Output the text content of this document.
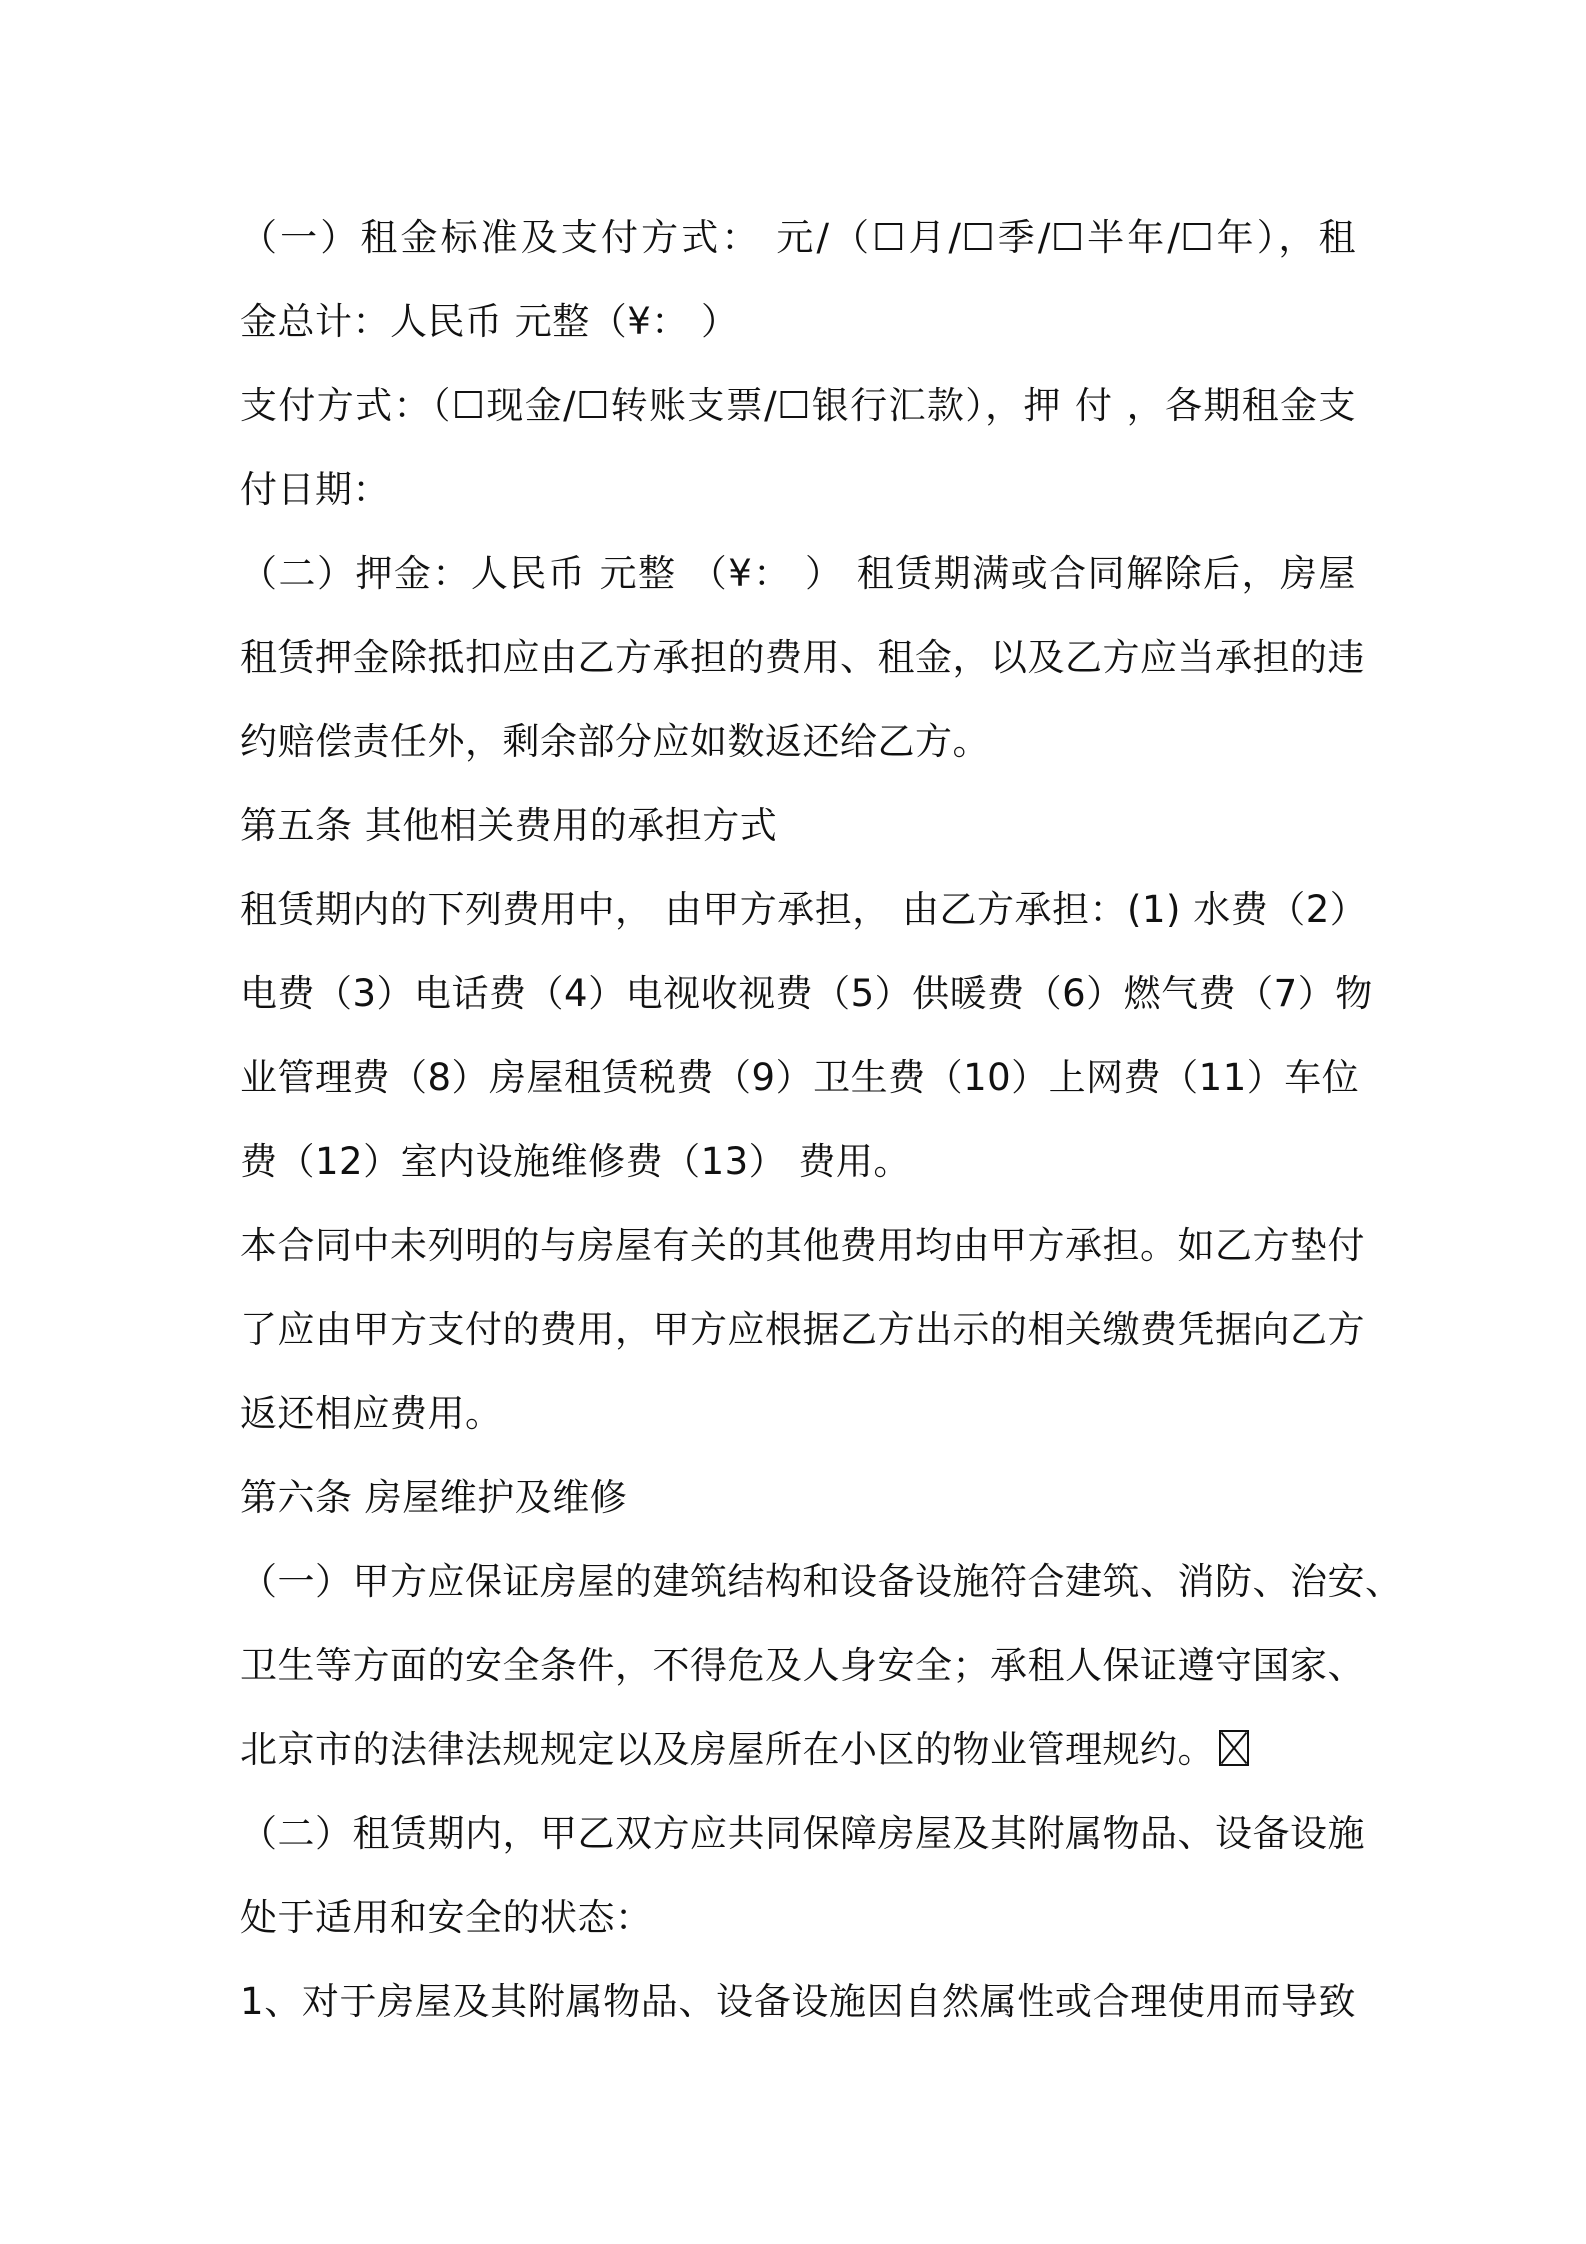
（一）租金标准及支付方式： 元/（☐月/☐季/☐半年/☐年），租
金总计：人民币 元整（¥： ）
支付方式：（☐现金/☐转账支票/☐银行汇款），押 付 ，各期租金支
付日期：
（二）押金：人民币 元整 （¥： ） 租赁期满或合同解除后，房屋
租赁押金除抵扣应由乙方承担的费用、租金，以及乙方应当承担的违
约赔偿责任外，剩余部分应如数返还给乙方。
第五条 其他相关费用的承担方式
租赁期内的下列费用中， 由甲方承担， 由乙方承担：(1) 水费（2）
电费（3）电话费（4）电视收视费（5）供暖费（6）燃气费（7）物
业管理费（8）房屋租赁税费（9）卫生费（10）上网费（11）车位
费（12）室内设施维修费（13） 费用。
本合同中未列明的与房屋有关的其他费用均由甲方承担。如乙方垫付
了应由甲方支付的费用，甲方应根据乙方出示的相关缴费凭据向乙方
返还相应费用。
第六条 房屋维护及维修
（一）甲方应保证房屋的建筑结构和设备设施符合建筑、消防、治安、
卫生等方面的安全条件，不得危及人身安全；承租人保证遵守国家、
北京市的法律法规规定以及房屋所在小区的物业管理规约。
（二）租赁期内，甲乙双方应共同保障房屋及其附属物品、设备设施
处于适用和安全的状态：
1、对于房屋及其附属物品、设备设施因自然属性或合理使用而导致
